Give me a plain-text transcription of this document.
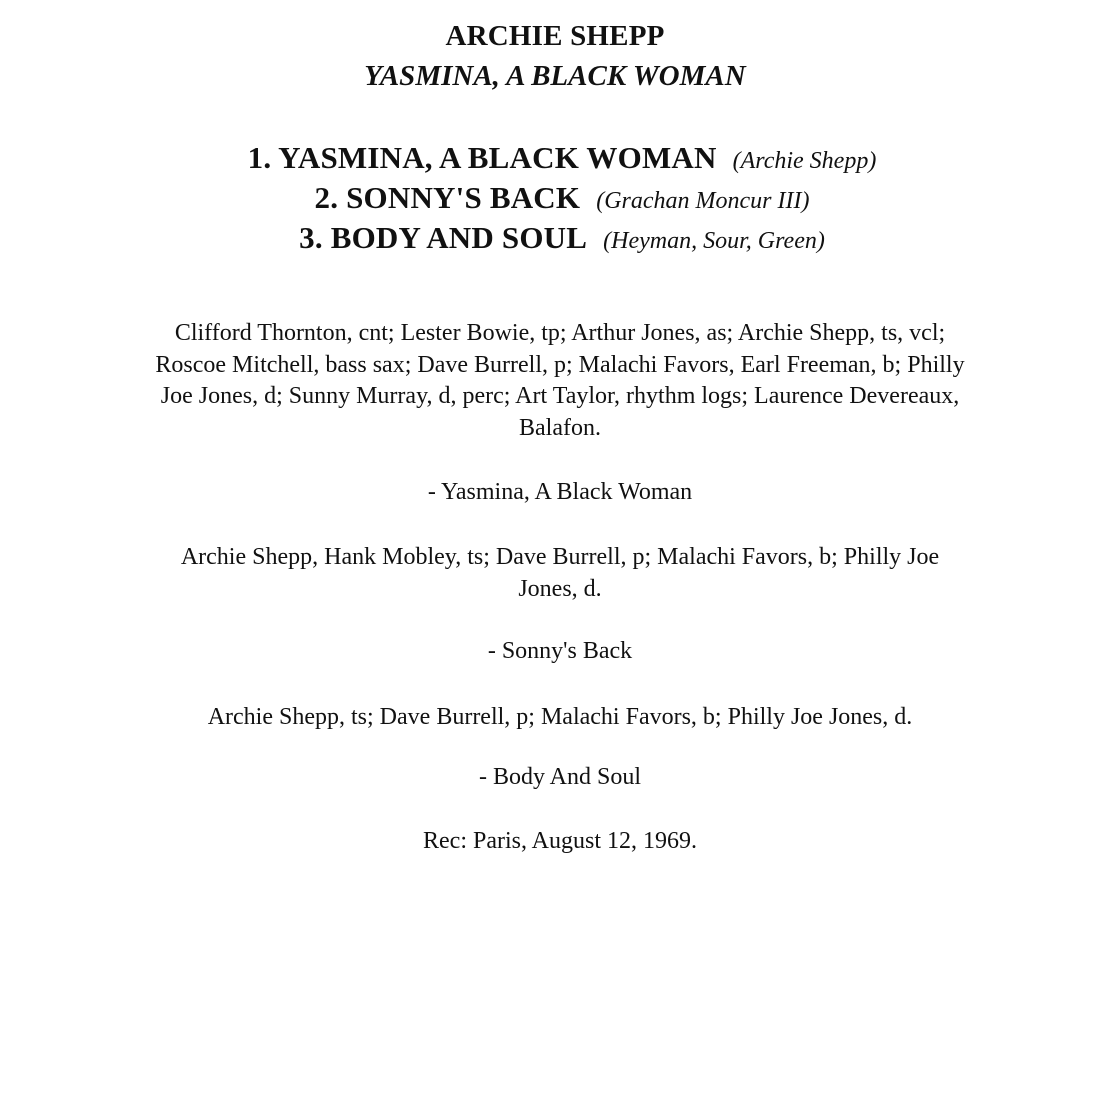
ARCHIE SHEPP
YASMINA, A BLACK WOMAN
1. YASMINA, A BLACK WOMAN (Archie Shepp)
2. SONNY'S BACK (Grachan Moncur III)
3. BODY AND SOUL (Heyman, Sour, Green)
Clifford Thornton, cnt; Lester Bowie, tp; Arthur Jones, as; Archie Shepp, ts, vcl;
Roscoe Mitchell, bass sax; Dave Burrell, p; Malachi Favors, Earl Freeman, b; Philly
Joe Jones, d; Sunny Murray, d, perc; Art Taylor, rhythm logs; Laurence Devereaux,
Balafon.
- Yasmina, A Black Woman
Archie Shepp, Hank Mobley, ts; Dave Burrell, p; Malachi Favors, b; Philly Joe
Jones, d.
- Sonny's Back
Archie Shepp, ts; Dave Burrell, p; Malachi Favors, b; Philly Joe Jones, d.
- Body And Soul
Rec: Paris, August 12, 1969.
